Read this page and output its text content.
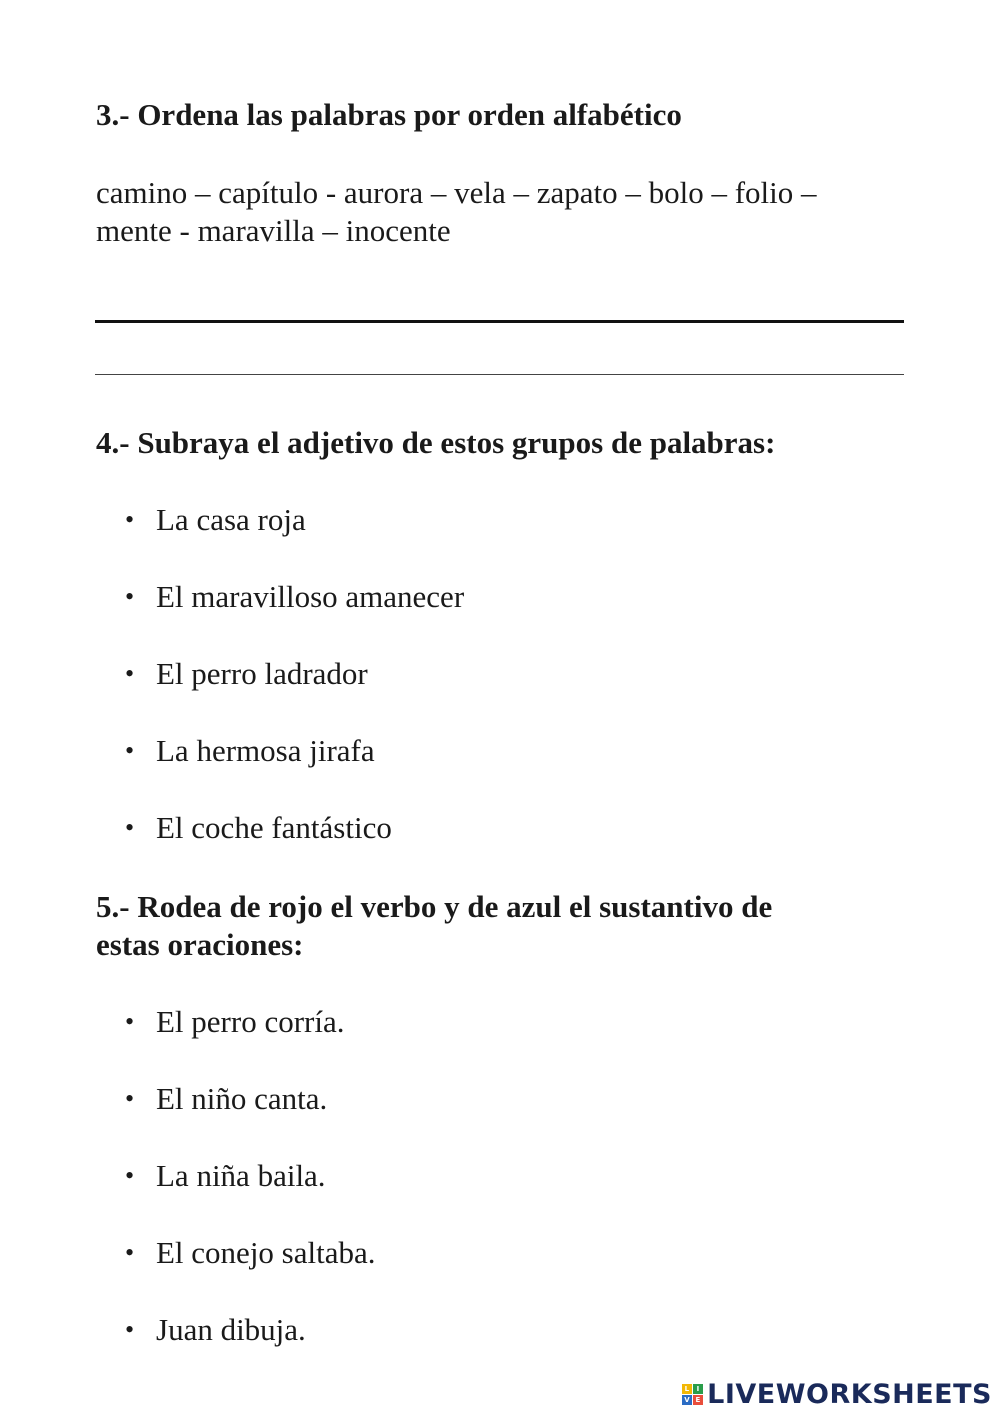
3.- Ordena las palabras por orden alfabético

camino – capítulo - aurora – vela – zapato – bolo – folio –

mente - maravilla – inocente

4.- Subraya el adjetivo de estos grupos de palabras:

• La casa roja
• El maravilloso amanecer
• El perro ladrador
• La hermosa jirafa
• El coche fantástico

5.- Rodea de rojo el verbo y de azul el sustantivo de

estas oraciones:

• El perro corría.
• El niño canta.
• La niña baila.
• El conejo saltaba.
• Juan dibuja.
L I
V E LIVEWORKSHEETS
